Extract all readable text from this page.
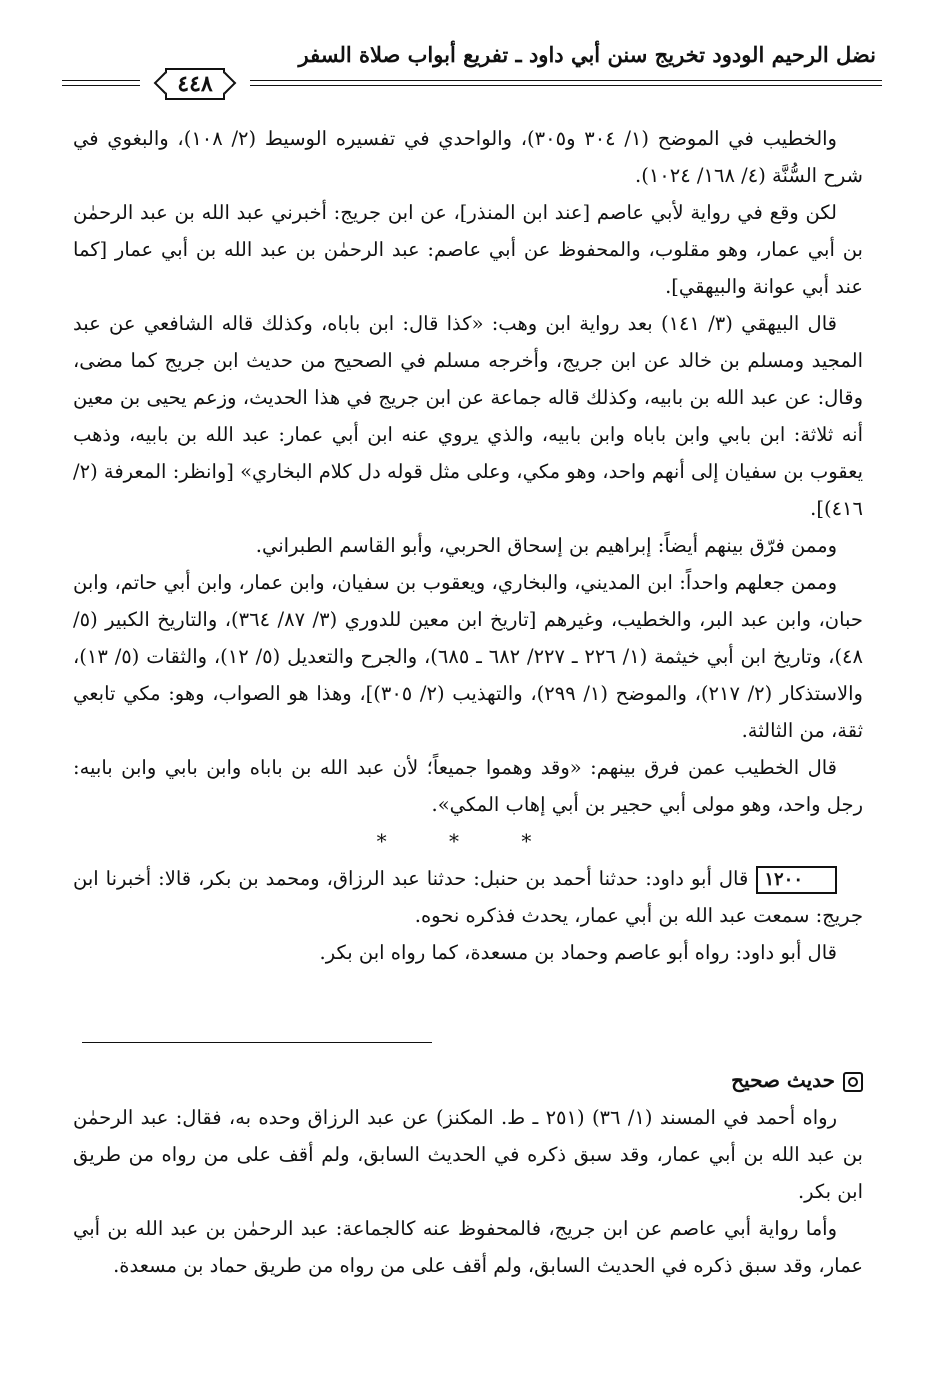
نضل الرحيم الودود تخريج سنن أبي داود ـ تفريع أبواب صلاة السفر
٤٤٨

والخطيب في الموضح (١/ ٣٠٤ و٣٠٥)، والواحدي في تفسيره الوسيط (٢/ ١٠٨)، والبغوي في شرح السُّنَّة (٤/ ١٦٨/ ١٠٢٤).

لكن وقع في رواية لأبي عاصم [عند ابن المنذر]، عن ابن جريج: أخبرني عبد الله بن عبد الرحمٰن بن أبي عمار، وهو مقلوب، والمحفوظ عن أبي عاصم: عبد الرحمٰن بن عبد الله بن أبي عمار [كما عند أبي عوانة والبيهقي].

قال البيهقي (٣/ ١٤١) بعد رواية ابن وهب: «كذا قال: ابن باباه، وكذلك قاله الشافعي عن عبد المجيد ومسلم بن خالد عن ابن جريج، وأخرجه مسلم في الصحيح من حديث ابن جريج كما مضى، وقال: عن عبد الله بن بابيه، وكذلك قاله جماعة عن ابن جريج في هذا الحديث، وزعم يحيى بن معين أنه ثلاثة: ابن بابي وابن باباه وابن بابيه، والذي يروي عنه ابن أبي عمار: عبد الله بن بابيه، وذهب يعقوب بن سفيان إلى أنهم واحد، وهو مكي، وعلى مثل قوله دل كلام البخاري» [وانظر: المعرفة (٢/ ٤١٦)].

وممن فرّق بينهم أيضاً: إبراهيم بن إسحاق الحربي، وأبو القاسم الطبراني.

وممن جعلهم واحداً: ابن المديني، والبخاري، ويعقوب بن سفيان، وابن عمار، وابن أبي حاتم، وابن حبان، وابن عبد البر، والخطيب، وغيرهم [تاريخ ابن معين للدوري (٣/ ٨٧/ ٣٦٤)، والتاريخ الكبير (٥/ ٤٨)، وتاريخ ابن أبي خيثمة (١/ ٢٢٦ ـ ٢٢٧/ ٦٨٢ ـ ٦٨٥)، والجرح والتعديل (٥/ ١٢)، والثقات (٥/ ١٣)، والاستذكار (٢/ ٢١٧)، والموضح (١/ ٢٩٩)، والتهذيب (٢/ ٣٠٥)]، وهذا هو الصواب، وهو: مكي تابعي ثقة، من الثالثة.

قال الخطيب عمن فرق بينهم: «وقد وهموا جميعاً؛ لأن عبد الله بن باباه وابن بابي وابن بابيه: رجل واحد، وهو مولى أبي حجير بن أبي إهاب المكي».

* * *

١٢٠٠قال أبو داود: حدثنا أحمد بن حنبل: حدثنا عبد الرزاق، ومحمد بن بكر، قالا: أخبرنا ابن جريج: سمعت عبد الله بن أبي عمار، يحدث فذكره نحوه.

قال أبو داود: رواه أبو عاصم وحماد بن مسعدة، كما رواه ابن بكر.

حديث صحيح

رواه أحمد في المسند (١/ ٣٦) (٢٥١ ـ ط. المكنز) عن عبد الرزاق وحده به، فقال: عبد الرحمٰن بن عبد الله بن أبي عمار، وقد سبق ذكره في الحديث السابق، ولم أقف على من رواه من طريق ابن بكر.

وأما رواية أبي عاصم عن ابن جريج، فالمحفوظ عنه كالجماعة: عبد الرحمٰن بن عبد الله بن أبي عمار، وقد سبق ذكره في الحديث السابق، ولم أقف على من رواه من طريق حماد بن مسعدة.
